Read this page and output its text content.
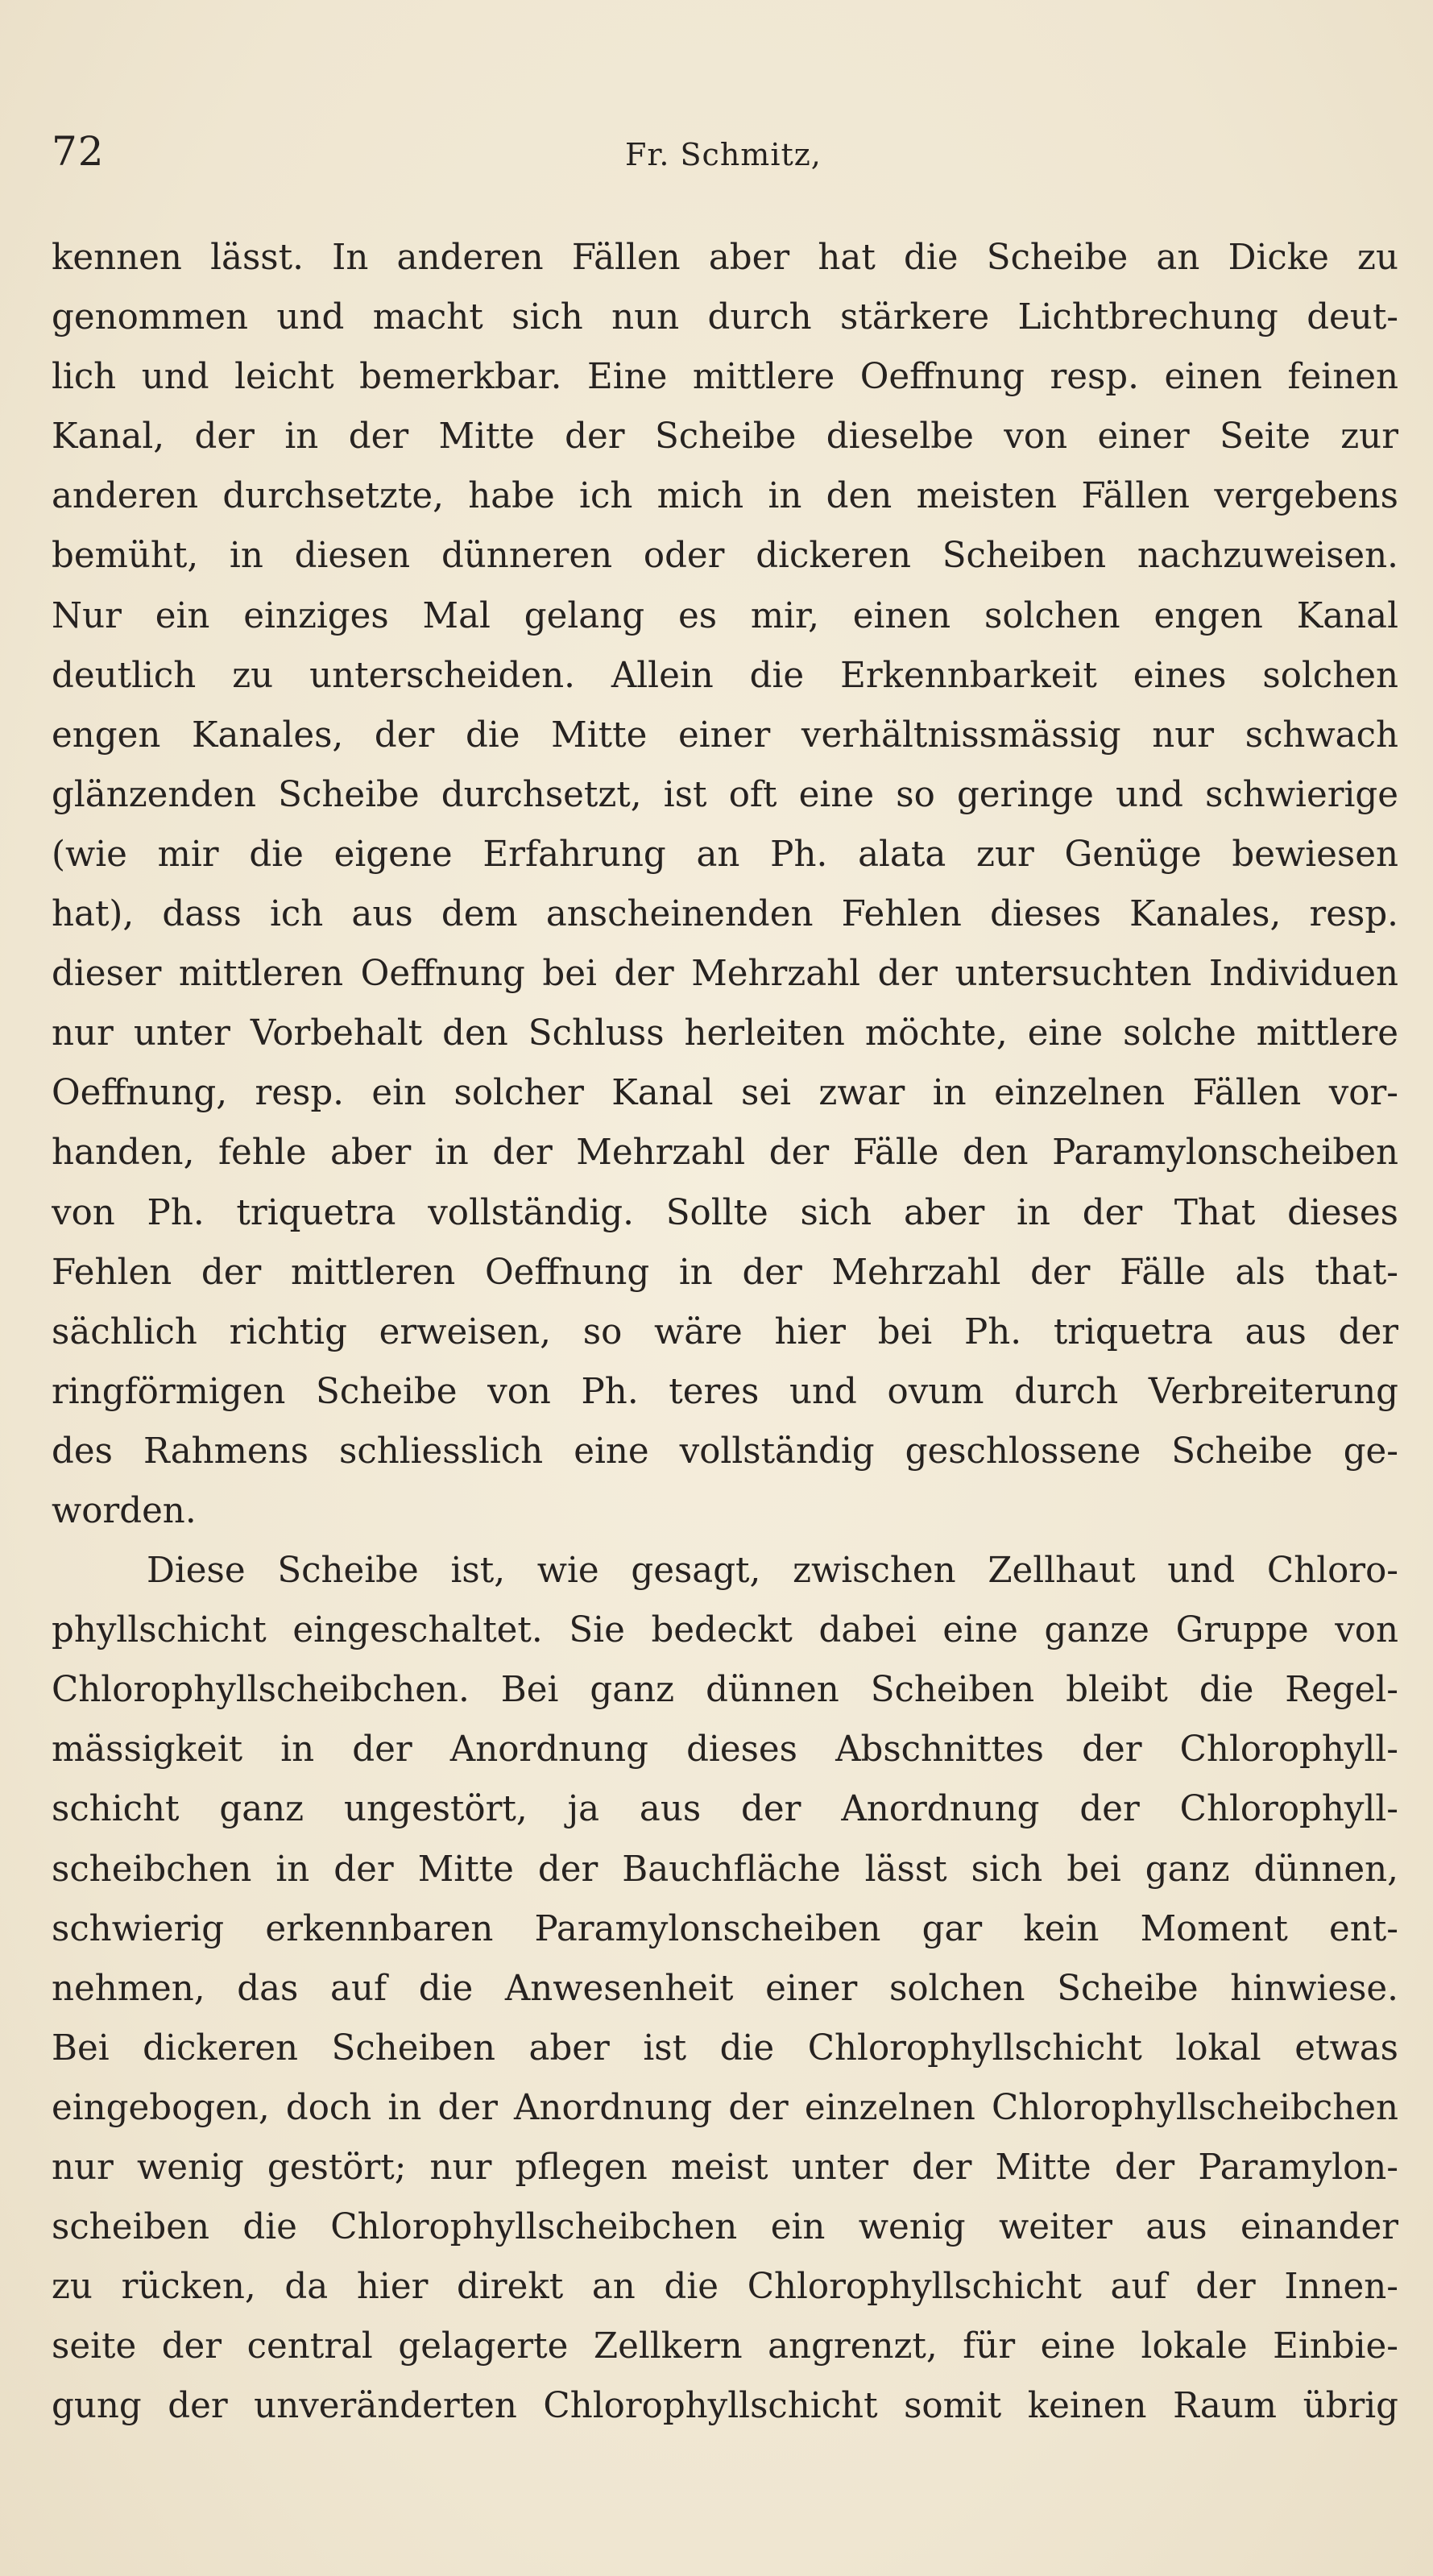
72	Fr. Schmitz,
kennen lässt. In anderen Fällen aber hat die Scheibe an Dicke zu
genommen und macht sich nun durch stärkere Lichtbrechung deut-
lich und leicht bemerkbar. Eine mittlere Oeffnung resp. einen feinen
Kanal, der in der Mitte der Scheibe dieselbe von einer Seite zur
anderen durchsetzte, habe ich mich in den meisten Fällen vergebens
bemüht, in diesen dünneren oder dickeren Scheiben nachzuweisen.
Nur ein einziges Mal gelang es mir, einen solchen engen Kanal
deutlich zu unterscheiden. Allein die Erkennbarkeit eines solchen
engen Kanales, der die Mitte einer verhältnissmässig nur schwach
glänzenden Scheibe durchsetzt, ist oft eine so geringe und schwierige
(wie mir die eigene Erfahrung an Ph. alata zur Genüge bewiesen
hat), dass ich aus dem anscheinenden Fehlen dieses Kanales, resp.
dieser mittleren Oeffnung bei der Mehrzahl der untersuchten Individuen
nur unter Vorbehalt den Schluss herleiten möchte, eine solche mittlere
Oeffnung, resp. ein solcher Kanal sei zwar in einzelnen Fällen vor-
handen, fehle aber in der Mehrzahl der Fälle den Paramylonscheiben
von Ph. triquetra vollständig. Sollte sich aber in der That dieses
Fehlen der mittleren Oeffnung in der Mehrzahl der Fälle als that-
sächlich richtig erweisen, so wäre hier bei Ph. triquetra aus der
ringförmigen Scheibe von Ph. teres und ovum durch Verbreiterung
des Rahmens schliesslich eine vollständig geschlossene Scheibe ge-
worden.
Diese Scheibe ist, wie gesagt, zwischen Zellhaut und Chloro-
phyllschicht eingeschaltet. Sie bedeckt dabei eine ganze Gruppe von
Chlorophyllscheibchen. Bei ganz dünnen Scheiben bleibt die Regel-
mässigkeit in der Anordnung dieses Abschnittes der Chlorophyll-
schicht ganz ungestört, ja aus der Anordnung der Chlorophyll-
scheibchen in der Mitte der Bauchfläche lässt sich bei ganz dünnen,
schwierig erkennbaren Paramylonscheiben gar kein Moment ent-
nehmen, das auf die Anwesenheit einer solchen Scheibe hinwiese.
Bei dickeren Scheiben aber ist die Chlorophyllschicht lokal etwas
eingebogen, doch in der Anordnung der einzelnen Chlorophyllscheibchen
nur wenig gestört; nur pflegen meist unter der Mitte der Paramylon-
scheiben die Chlorophyllscheibchen ein wenig weiter aus einander
zu rücken, da hier direkt an die Chlorophyllschicht auf der Innen-
seite der central gelagerte Zellkern angrenzt, für eine lokale Einbie-
gung der unveränderten Chlorophyllschicht somit keinen Raum übrig
